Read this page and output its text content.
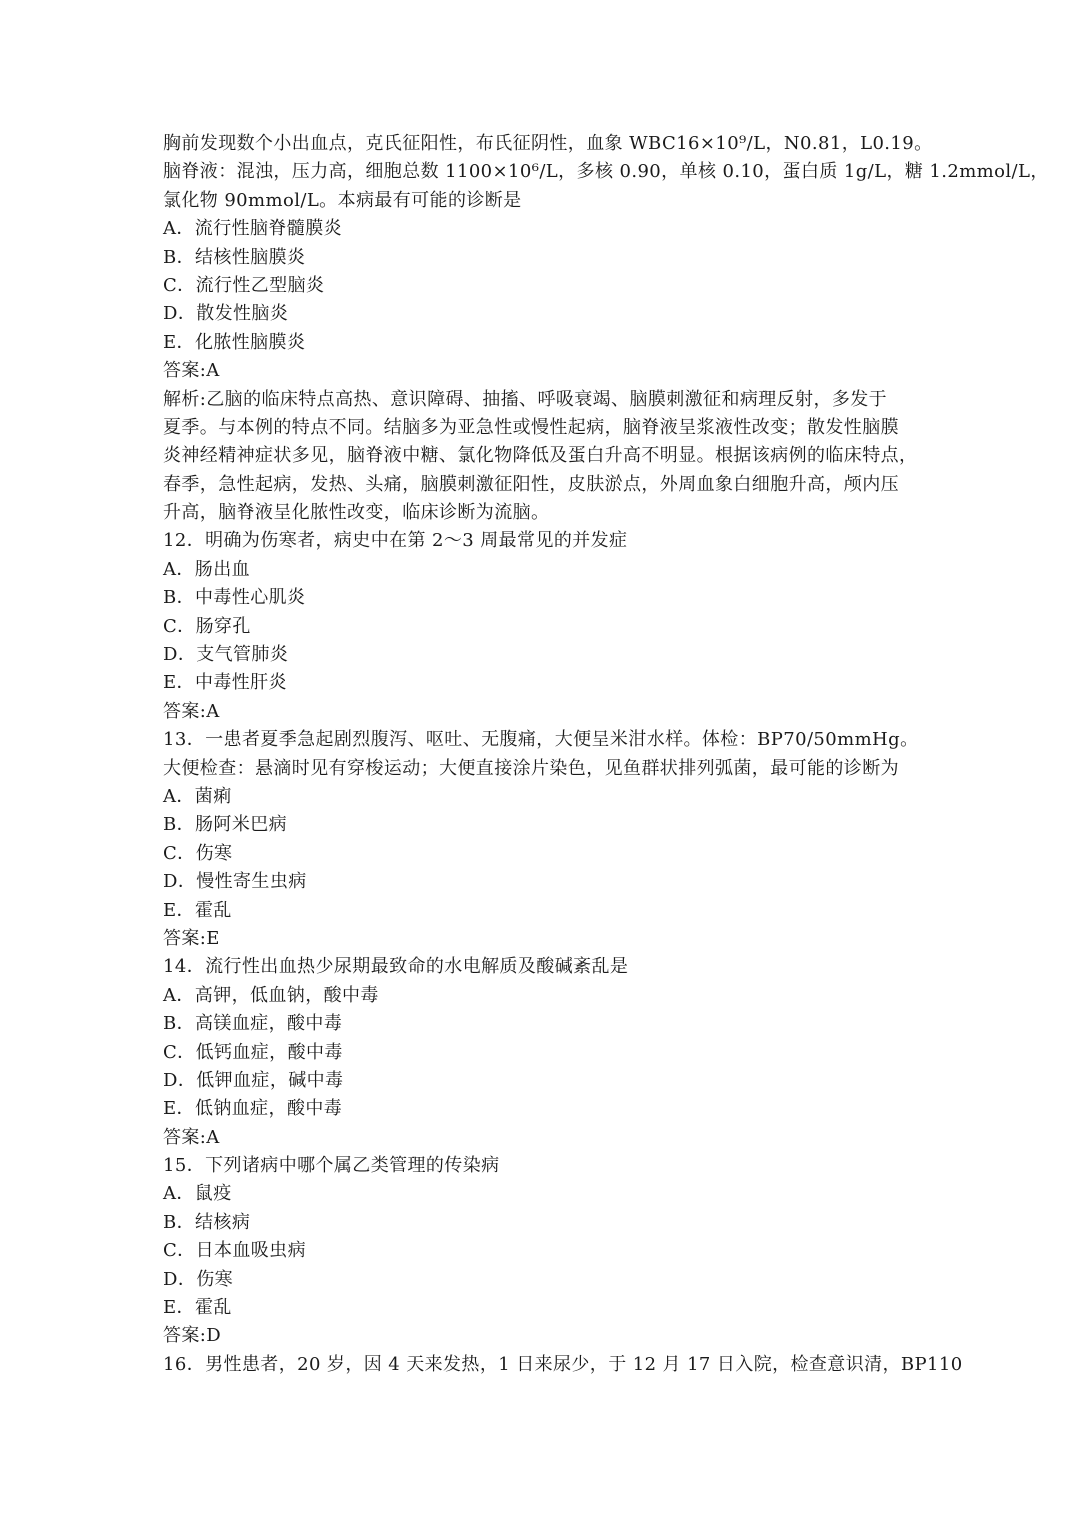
胸前发现数个小出血点，克氏征阳性，布氏征阴性，血象 WBC16×10⁹/L，N0.81，L0.19。
脑脊液：混浊，压力高，细胞总数 1100×10⁶/L，多核 0.90，单核 0.10，蛋白质 1g/L，糖 1.2mmol/L，
氯化物 90mmol/L。本病最有可能的诊断是
A．流行性脑脊髓膜炎
B．结核性脑膜炎
C．流行性乙型脑炎
D．散发性脑炎
E．化脓性脑膜炎
答案:A
解析:乙脑的临床特点高热、意识障碍、抽搐、呼吸衰竭、脑膜刺激征和病理反射，多发于
夏季。与本例的特点不同。结脑多为亚急性或慢性起病，脑脊液呈浆液性改变；散发性脑膜
炎神经精神症状多见，脑脊液中糖、氯化物降低及蛋白升高不明显。根据该病例的临床特点，
春季，急性起病，发热、头痛，脑膜刺激征阳性，皮肤淤点，外周血象白细胞升高，颅内压
升高，脑脊液呈化脓性改变，临床诊断为流脑。
12．明确为伤寒者，病史中在第 2～3 周最常见的并发症
A．肠出血
B．中毒性心肌炎
C．肠穿孔
D．支气管肺炎
E．中毒性肝炎
答案:A
13．一患者夏季急起剧烈腹泻、呕吐、无腹痛，大便呈米泔水样。体检：BP70/50mmHg。
大便检查：悬滴时见有穿梭运动；大便直接涂片染色，见鱼群状排列弧菌，最可能的诊断为
A．菌痢
B．肠阿米巴病
C．伤寒
D．慢性寄生虫病
E．霍乱
答案:E
14．流行性出血热少尿期最致命的水电解质及酸碱紊乱是
A．高钾，低血钠，酸中毒
B．高镁血症，酸中毒
C．低钙血症，酸中毒
D．低钾血症，碱中毒
E．低钠血症，酸中毒
答案:A
15．下列诸病中哪个属乙类管理的传染病
A．鼠疫
B．结核病
C．日本血吸虫病
D．伤寒
E．霍乱
答案:D
16．男性患者，20 岁，因 4 天来发热，1 日来尿少，于 12 月 17 日入院，检查意识清，BP110
